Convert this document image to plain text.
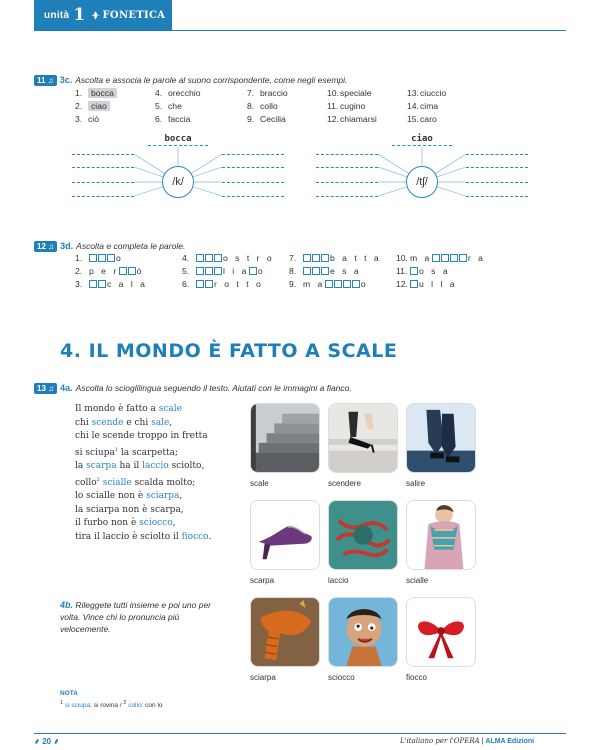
unità 1 FONETICA
11 ♫ 3c. Ascolta e associa le parole al suono corrispondente, come negli esempi.
1. bocca
2. ciao
3. ciò
4. orecchio
5. che
6. faccia
7. braccio
8. collo
9. Cecilia
10.speciale
11. cugino
12.chiamarsi
13.ciuccio
14.cima
15.caro
bocca
/k/
ciao
/tʃ/
12 ♫ 3d. Ascolta e completa le parole.
1.	o
2. p e r ò
3.	c a l a
4.	o s t r o
5.	l i a o
6.	r o t t o
7.	b a t t a
8.	e s a
9. m a	o
10. m a	r a
11.	o s a
12. u l l a
4. IL MONDO È FATTO A SCALE
13 ♫ 4a. Ascolta lo scioglilingua seguendo il testo. Aiutati con le immagini a fianco.
Il mondo è fatto a scale
chi scende e chi sale,
chi le scende troppo in fretta
si sciupa$^1$ la scarpetta;
la scarpa ha il laccio sciolto,
collo$^2$ scialle scalda molto;
lo scialle non è sciarpa,
la sciarpa non è scarpa,
il furbo non è sciocco,
tira il laccio è sciolto il fiocco.
scale	scendere	salire
scarpa	laccio	scialle
sciarpa	sciocco	fiocco
4b. Rileggete tutti insieme e poi uno per volta. Vince chi lo pronuncia più velocemente.
NOTA
$^1$ si sciupa: si rovina / $^2$ collo: con lo
⸙ 20 ⸙	L'italiano per l'OPERA | ALMA Edizioni
